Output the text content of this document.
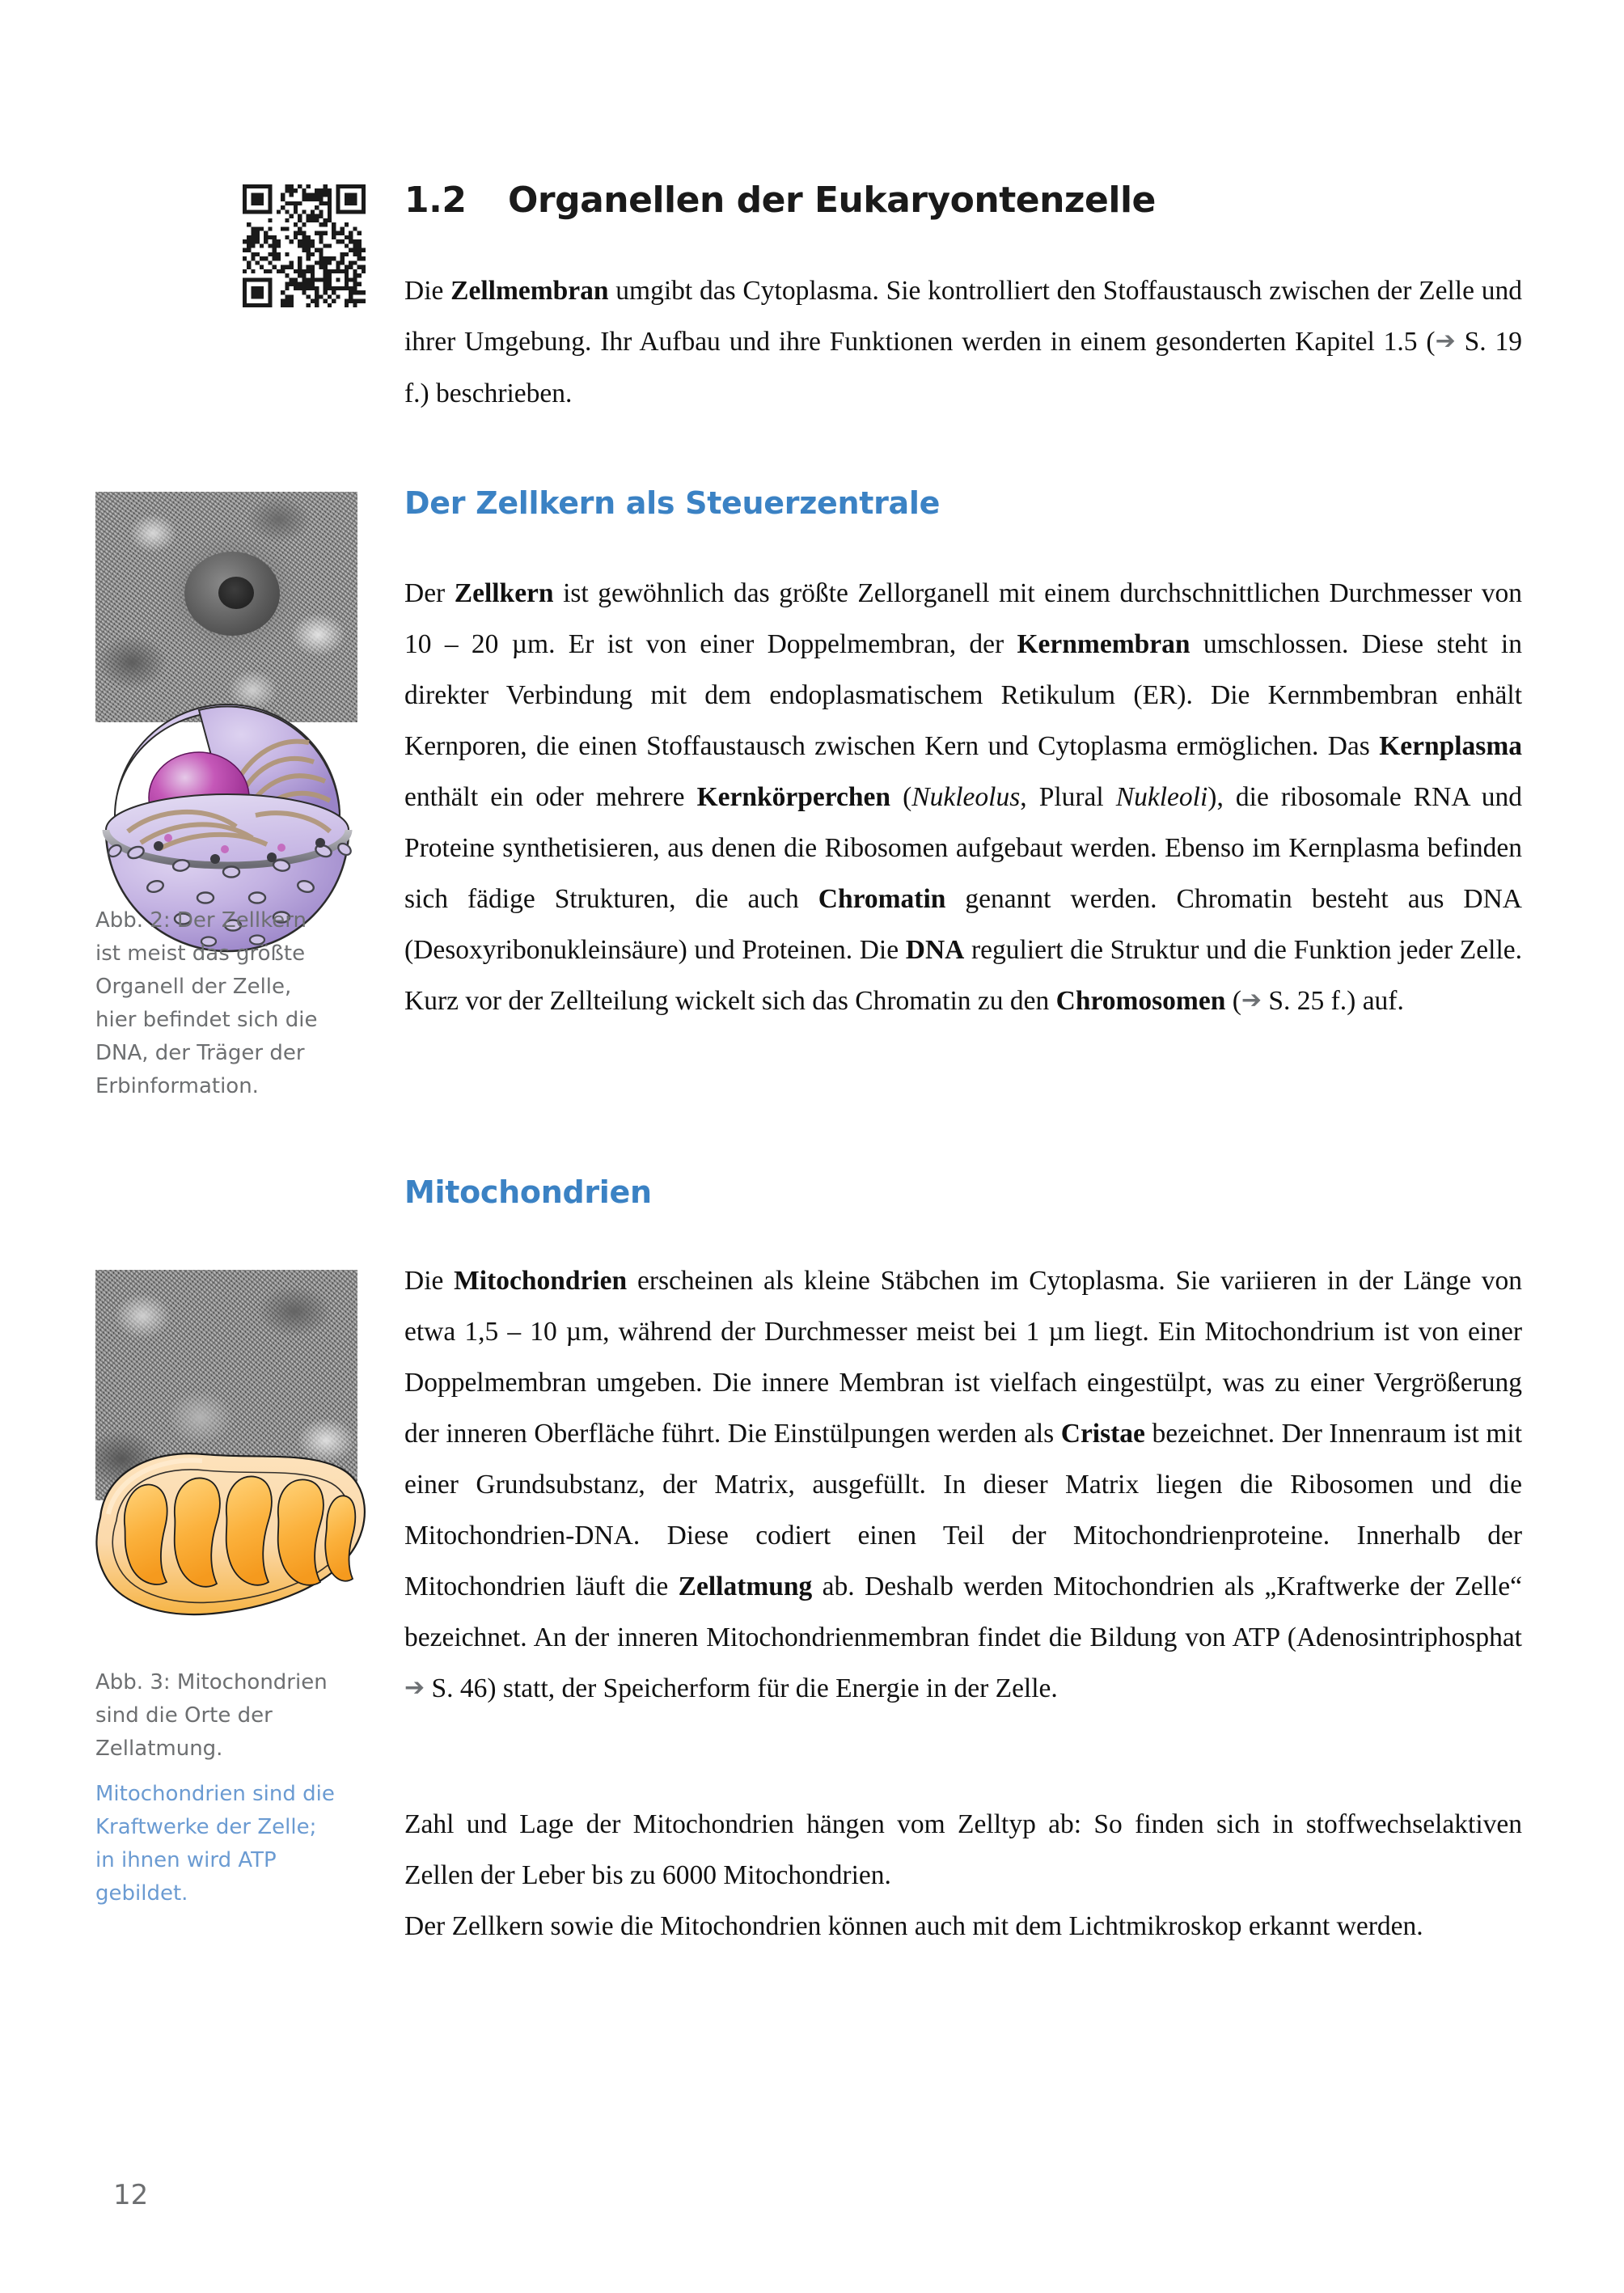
1.2	Organellen der Eukaryontenzelle
Die Zellmembran umgibt das Cytoplasma. Sie kontrolliert den Stoffaustausch zwischen der Zelle und ihrer Umgebung. Ihr Aufbau und ihre Funktionen werden in einem gesonderten Kapitel 1.5 (➔ S. 19 f.) beschrieben.
Abb. 2: Der Zellkern ist meist das größte Organell der Zelle, hier befindet sich die DNA, der Träger der Erbinformation.
Der Zellkern als Steuerzentrale
Der Zellkern ist gewöhnlich das größte Zellorganell mit einem durchschnittlichen Durchmesser von 10 – 20 µm. Er ist von einer Doppelmembran, der Kernmembran umschlossen. Diese steht in direkter Verbindung mit dem endoplasmatischem Retikulum (ER). Die Kernmbembran enhält Kernporen, die einen Stoffaustausch zwischen Kern und Cytoplasma ermöglichen. Das Kernplasma enthält ein oder mehrere Kernkörperchen (Nukleolus, Plural Nukleoli), die ribosomale RNA und Proteine synthetisieren, aus denen die Ribosomen aufgebaut werden. Ebenso im Kernplasma befinden sich fädige Strukturen, die auch Chromatin genannt werden. Chromatin besteht aus DNA (Desoxyribonukleinsäure) und Proteinen. Die DNA reguliert die Struktur und die Funktion jeder Zelle. Kurz vor der Zellteilung wickelt sich das Chromatin zu den Chromosomen (➔ S. 25 f.) auf.
Mitochondrien
Die Mitochondrien erscheinen als kleine Stäbchen im Cytoplasma. Sie variieren in der Länge von etwa 1,5 – 10 µm, während der Durchmesser meist bei 1 µm liegt. Ein Mitochondrium ist von einer Doppelmembran umgeben. Die innere Membran ist vielfach eingestülpt, was zu einer Vergrößerung der inneren Oberfläche führt. Die Einstülpungen werden als Cristae bezeichnet. Der Innenraum ist mit einer Grundsubstanz, der Matrix, ausgefüllt. In dieser Matrix liegen die Ribosomen und die Mitochondrien-DNA. Diese codiert einen Teil der Mitochondrienproteine. Innerhalb der Mitochondrien läuft die Zellatmung ab. Deshalb werden Mitochondrien als „Kraftwerke der Zelle“ bezeichnet. An der inneren Mitochondrienmembran findet die Bildung von ATP (Adenosintriphosphat ➔ S. 46) statt, der Speicherform für die Energie in der Zelle.
Abb. 3: Mitochondrien sind die Orte der Zellatmung.
Mitochondrien sind die Kraftwerke der Zelle; in ihnen wird ATP gebildet.
Zahl und Lage der Mitochondrien hängen vom Zelltyp ab: So finden sich in stoffwechselaktiven Zellen der Leber bis zu 6000 Mitochondrien.
Der Zellkern sowie die Mitochondrien können auch mit dem Lichtmikroskop erkannt werden.
12
